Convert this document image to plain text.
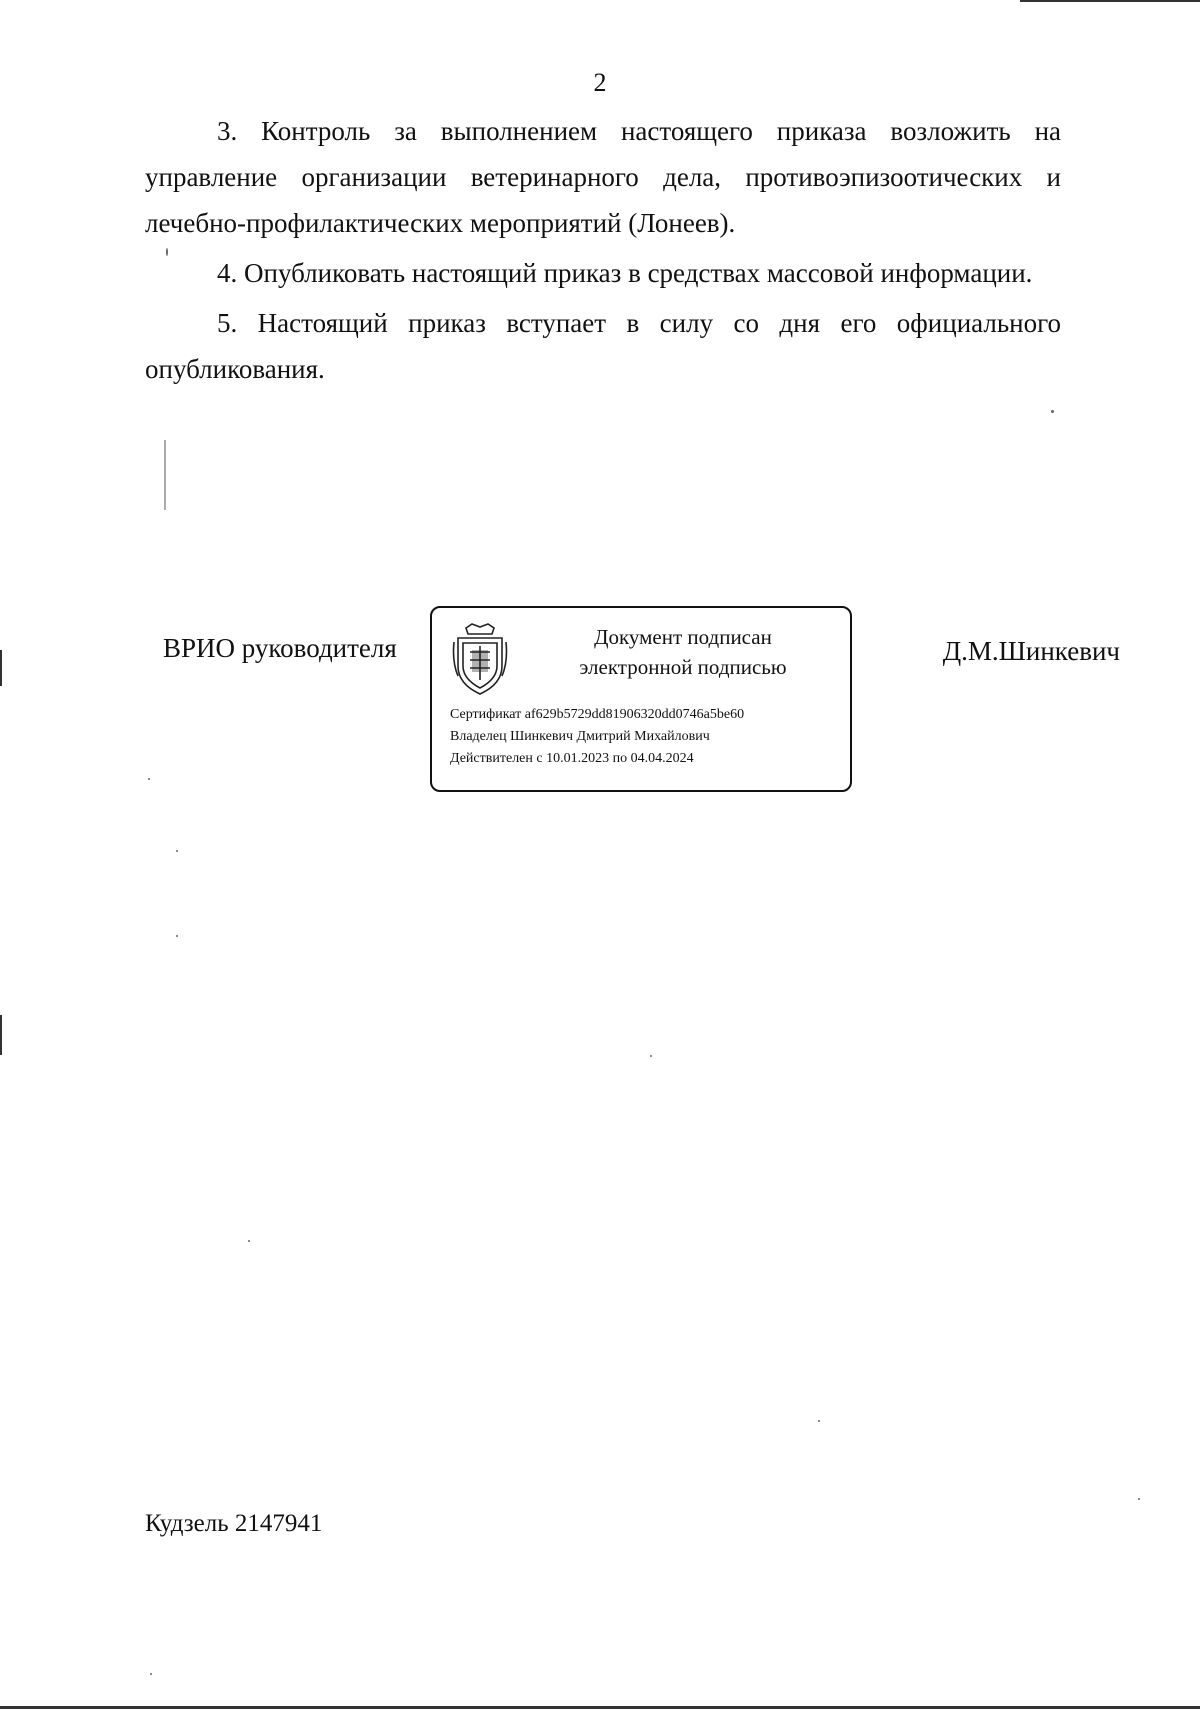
2

3. Контроль за выполнением настоящего приказа возложить на управление организации ветеринарного дела, противоэпизоотических и лечебно-профилактических мероприятий (Лонеев).

4. Опубликовать настоящий приказ в средствах массовой информации.

5. Настоящий приказ вступает в силу со дня его официального опубликования.

ВРИО руководителя	Документ подписан
электронной подписью
Сертификат af629b5729dd81906320dd0746a5be60
Владелец Шинкевич Дмитрий Михайлович
Действителен с 10.01.2023 по 04.04.2024
Д.М.Шинкевич
Кудзель 2147941
